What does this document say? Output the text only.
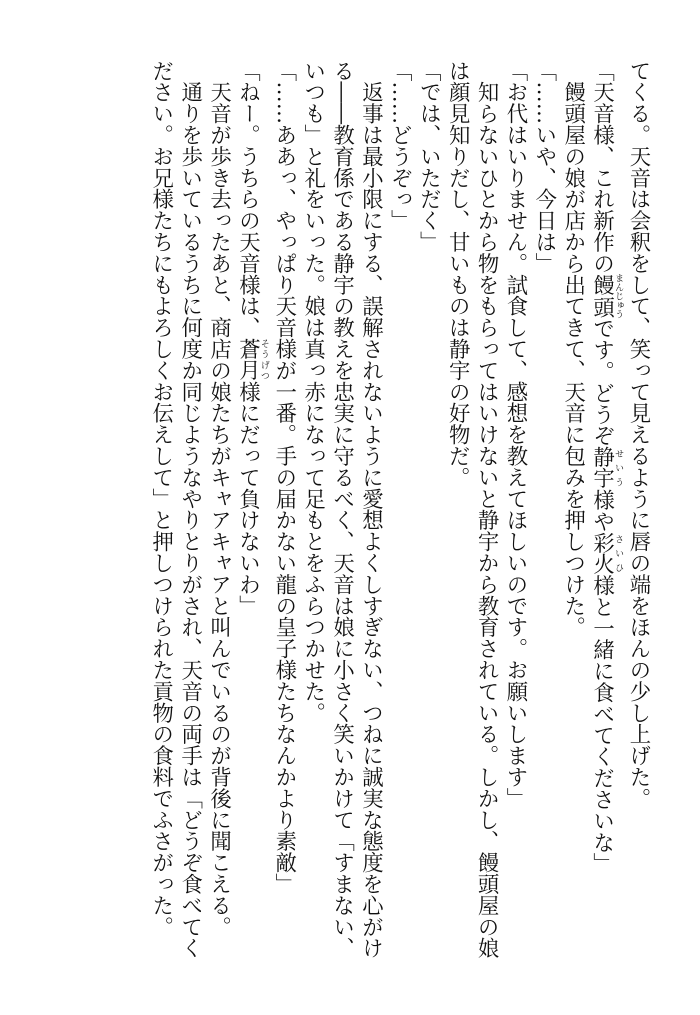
てくる。天音は会釈をして、笑って見えるように唇の端をほんの少し上げた。

「天音様、これ新作の饅頭まんじゅうです。どうぞ静宇せいう様や彩火さいひ様と一緒に食べてくださいな」

　饅頭屋の娘が店から出てきて、天音に包みを押しつけた。

「……いや、今日は」

「お代はいりません。試食して、感想を教えてほしいのです。お願いします」

　知らないひとから物をもらってはいけないと静宇から教育されている。しかし、饅頭屋の娘

は顔見知りだし、甘いものは静宇の好物だ。

「では、いただく」

「……どうぞっ」

　返事は最小限にする、誤解されないように愛想よくしすぎない、つねに誠実な態度を心がけ

る――教育係である静宇の教えを忠実に守るべく、天音は娘に小さく笑いかけて「すまない、

いつも」と礼をいった。娘は真っ赤になって足もとをふらつかせた。

「……ああっ、やっぱり天音様が一番。手の届かない龍の皇子様たちなんかより素敵」

「ねー。うちらの天音様は、蒼月そうげつ様にだって負けないわ」

　天音が歩き去ったあと、商店の娘たちがキャアキャアと叫んでいるのが背後に聞こえる。

　通りを歩いているうちに何度か同じようなやりとりがされ、天音の両手は「どうぞ食べてく

ださい。お兄様たちにもよろしくお伝えして」と押しつけられた貢物の食料でふさがった。
